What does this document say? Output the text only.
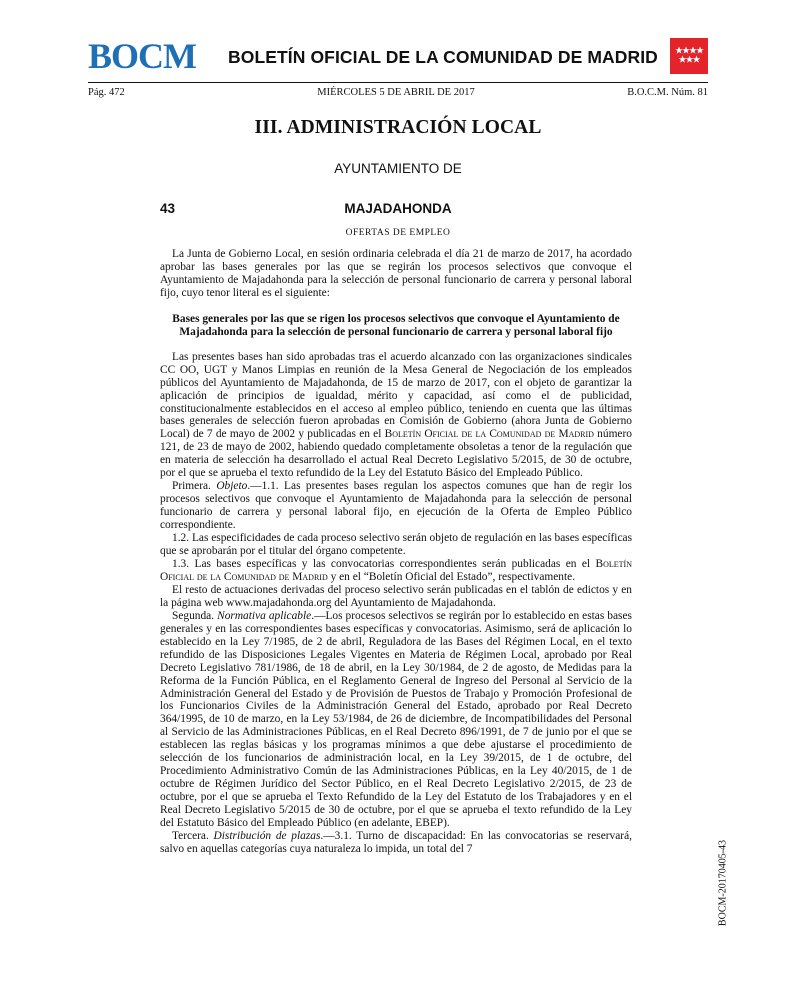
BOCM BOLETÍN OFICIAL DE LA COMUNIDAD DE MADRID
Pág. 472	MIÉRCOLES 5 DE ABRIL DE 2017	B.O.C.M. Núm. 81
III. ADMINISTRACIÓN LOCAL
AYUNTAMIENTO DE
43	MAJADAHONDA
OFERTAS DE EMPLEO

La Junta de Gobierno Local, en sesión ordinaria celebrada el día 21 de marzo de 2017, ha acordado aprobar las bases generales por las que se regirán los procesos selectivos que convoque el Ayuntamiento de Majadahonda para la selección de personal funcionario de carrera y personal laboral fijo, cuyo tenor literal es el siguiente:

Bases generales por las que se rigen los procesos selectivos que convoque el Ayuntamiento de Majadahonda para la selección de personal funcionario de carrera y personal laboral fijo

Las presentes bases han sido aprobadas tras el acuerdo alcanzado con las organizaciones sindicales CC OO, UGT y Manos Limpias en reunión de la Mesa General de Negociación de los empleados públicos del Ayuntamiento de Majadahonda, de 15 de marzo de 2017, con el objeto de garantizar la aplicación de principios de igualdad, mérito y capacidad, así como el de publicidad, constitucionalmente establecidos en el acceso al empleo público, teniendo en cuenta que las últimas bases generales de selección fueron aprobadas en Comisión de Gobierno (ahora Junta de Gobierno Local) de 7 de mayo de 2002 y publicadas en el Boletín Oficial de la Comunidad de Madrid número 121, de 23 de mayo de 2002, habiendo quedado completamente obsoletas a tenor de la regulación que en materia de selección ha desarrollado el actual Real Decreto Legislativo 5/2015, de 30 de octubre, por el que se aprueba el texto refundido de la Ley del Estatuto Básico del Empleado Público.

Primera. Objeto.—1.1. Las presentes bases regulan los aspectos comunes que han de regir los procesos selectivos que convoque el Ayuntamiento de Majadahonda para la selección de personal funcionario de carrera y personal laboral fijo, en ejecución de la Oferta de Empleo Público correspondiente.

1.2. Las especificidades de cada proceso selectivo serán objeto de regulación en las bases específicas que se aprobarán por el titular del órgano competente.

1.3. Las bases específicas y las convocatorias correspondientes serán publicadas en el Boletín Oficial de la Comunidad de Madrid y en el “Boletín Oficial del Estado”, respectivamente.

El resto de actuaciones derivadas del proceso selectivo serán publicadas en el tablón de edictos y en la página web www.majadahonda.org del Ayuntamiento de Majadahonda.

Segunda. Normativa aplicable.—Los procesos selectivos se regirán por lo establecido en estas bases generales y en las correspondientes bases específicas y convocatorias. Asimismo, será de aplicación lo establecido en la Ley 7/1985, de 2 de abril, Reguladora de las Bases del Régimen Local, en el texto refundido de las Disposiciones Legales Vigentes en Materia de Régimen Local, aprobado por Real Decreto Legislativo 781/1986, de 18 de abril, en la Ley 30/1984, de 2 de agosto, de Medidas para la Reforma de la Función Pública, en el Reglamento General de Ingreso del Personal al Servicio de la Administración General del Estado y de Provisión de Puestos de Trabajo y Promoción Profesional de los Funcionarios Civiles de la Administración General del Estado, aprobado por Real Decreto 364/1995, de 10 de marzo, en la Ley 53/1984, de 26 de diciembre, de Incompatibilidades del Personal al Servicio de las Administraciones Públicas, en el Real Decreto 896/1991, de 7 de junio por el que se establecen las reglas básicas y los programas mínimos a que debe ajustarse el procedimiento de selección de los funcionarios de administración local, en la Ley 39/2015, de 1 de octubre, del Procedimiento Administrativo Común de las Administraciones Públicas, en la Ley 40/2015, de 1 de octubre de Régimen Jurídico del Sector Público, en el Real Decreto Legislativo 2/2015, de 23 de octubre, por el que se aprueba el Texto Refundido de la Ley del Estatuto de los Trabajadores y en el Real Decreto Legislativo 5/2015 de 30 de octubre, por el que se aprueba el texto refundido de la Ley del Estatuto Básico del Empleado Público (en adelante, EBEP).

Tercera. Distribución de plazas.—3.1. Turno de discapacidad: En las convocatorias se reservará, salvo en aquellas categorías cuya naturaleza lo impida, un total del 7	BOCM-20170405-43
